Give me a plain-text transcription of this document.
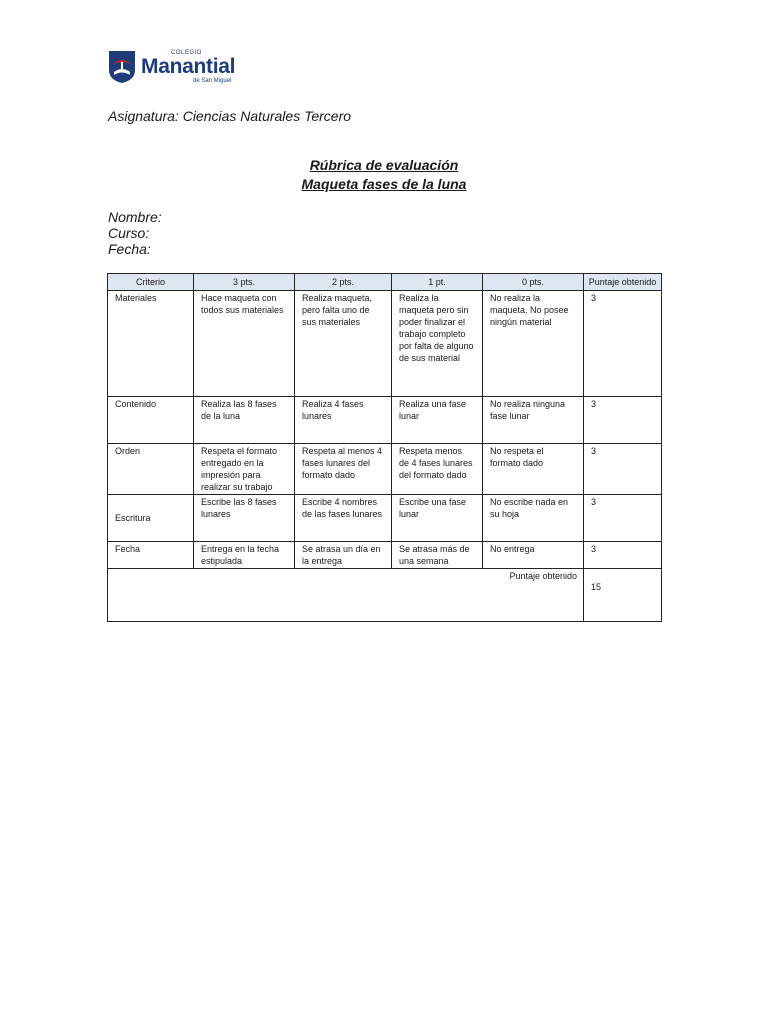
COLEGIO
Manantial
de San Miguel
Asignatura: Ciencias Naturales Tercero
Rúbrica de evaluación
Maqueta fases de la luna
Nombre:
Curso:
Fecha:
Criterio	3 pts.	2 pts.	1 pt.	0 pts.	Puntaje obtenido
Materiales	Hace maqueta con todos sus materiales	Realiza maqueta, pero falta uno de sus materiales	Realiza la maqueta pero sin poder finalizar el trabajo completo por falta de alguno de sus material	No realiza la maqueta. No posee ningún material	3
Contenido	Realiza las 8 fases de la luna	Realiza 4 fases lunares	Realiza una fase lunar	No realiza ninguna fase lunar	3
Orden	Respeta el formato entregado en la impresión para realizar su trabajo	Respeta al menos 4 fases lunares del formato dado	Respeta menos de 4 fases lunares del formato dado	No respeta el formato dado	3
Escritura	Escribe las 8 fases lunares	Escribe 4 nombres de las fases lunares	Escribe una fase lunar	No escribe nada en su hoja	3
Fecha	Entrega en la fecha estipulada	Se atrasa un día en la entrega	Se atrasa más de una semana	No entrega	3
Puntaje obtenido					15
